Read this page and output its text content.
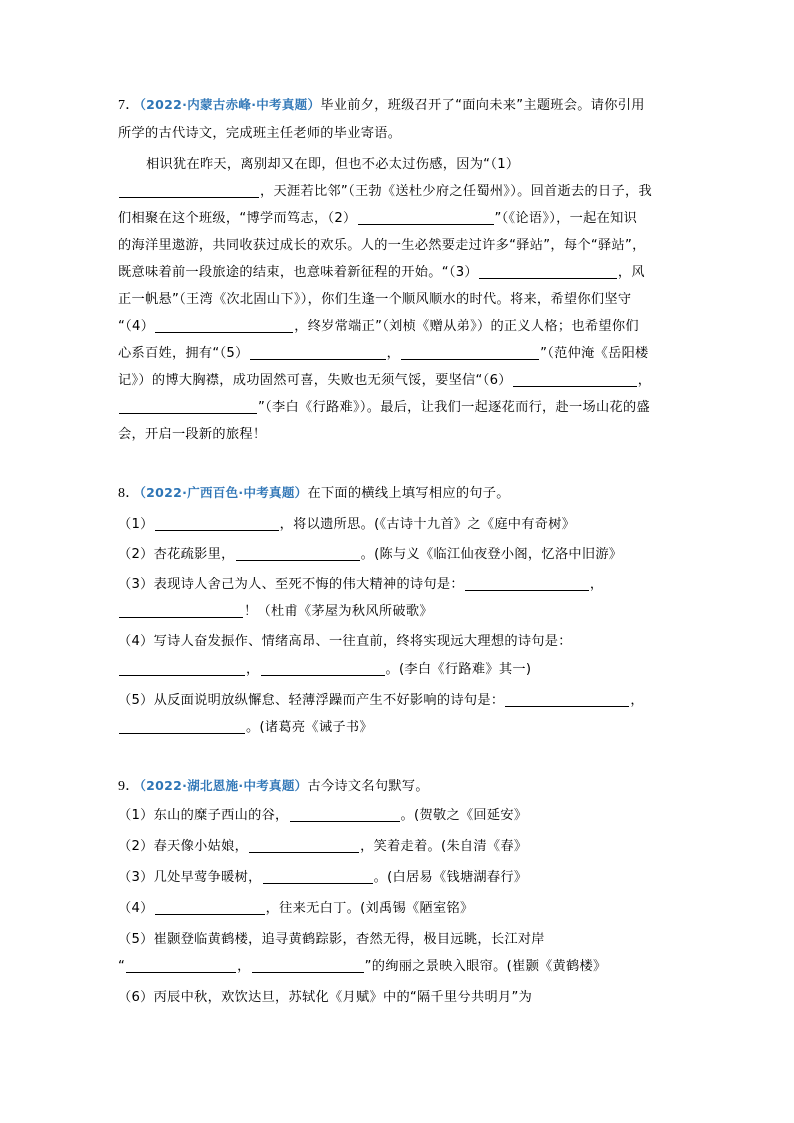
7．（2022·内蒙古赤峰·中考真题）毕业前夕，班级召开了“面向未来”主题班会。请你引用
所学的古代诗文，完成班主任老师的毕业寄语。
相识犹在昨天，离别却又在即，但也不必太过伤感，因为“（1）
，天涯若比邻”（王勃《送杜少府之任蜀州》）。回首逝去的日子，我
们相聚在这个班级，“博学而笃志，（2）	”（《论语》），一起在知识
的海洋里遨游，共同收获过成长的欢乐。人的一生必然要走过许多“驿站”，每个“驿站”，
既意味着前一段旅途的结束，也意味着新征程的开始。“（3）	，风
正一帆悬”（王湾《次北固山下》），你们生逢一个顺风顺水的时代。将来，希望你们坚守
“（4）	，终岁常端正”（刘桢《赠从弟》）的正义人格；也希望你们
心系百姓，拥有“（5）	，	”（范仲淹《岳阳楼
记》）的博大胸襟，成功固然可喜，失败也无须气馁，要坚信“（6）	，
”（李白《行路难》）。最后，让我们一起逐花而行，赴一场山花的盛
会，开启一段新的旅程！
8．（2022·广西百色·中考真题）在下面的横线上填写相应的句子。
（1）	，将以遗所思。(《古诗十九首》之《庭中有奇树》
（2）杏花疏影里，	。(陈与义《临江仙夜登小阁，忆洛中旧游》
（3）表现诗人舍己为人、至死不悔的伟大精神的诗句是：	，
！（杜甫《茅屋为秋风所破歌》
（4）写诗人奋发振作、情绪高昂、一往直前，终将实现远大理想的诗句是：
，	。(李白《行路难》其一)
（5）从反面说明放纵懈怠、轻薄浮躁而产生不好影响的诗句是：	，
。(诸葛亮《诫子书》
9．（2022·湖北恩施·中考真题）古今诗文名句默写。
（1）东山的糜子西山的谷，	。(贺敬之《回延安》
（2）春天像小姑娘，	，笑着走着。(朱自清《春》
（3）几处早莺争暖树，	。(白居易《钱塘湖春行》
（4）	，往来无白丁。(刘禹锡《陋室铭》
（5）崔颢登临黄鹤楼，追寻黄鹤踪影，杳然无得，极目远眺，长江对岸
“	，	”的绚丽之景映入眼帘。(崔颢《黄鹤楼》
（6）丙辰中秋，欢饮达旦，苏轼化《月赋》中的“隔千里兮共明月”为
